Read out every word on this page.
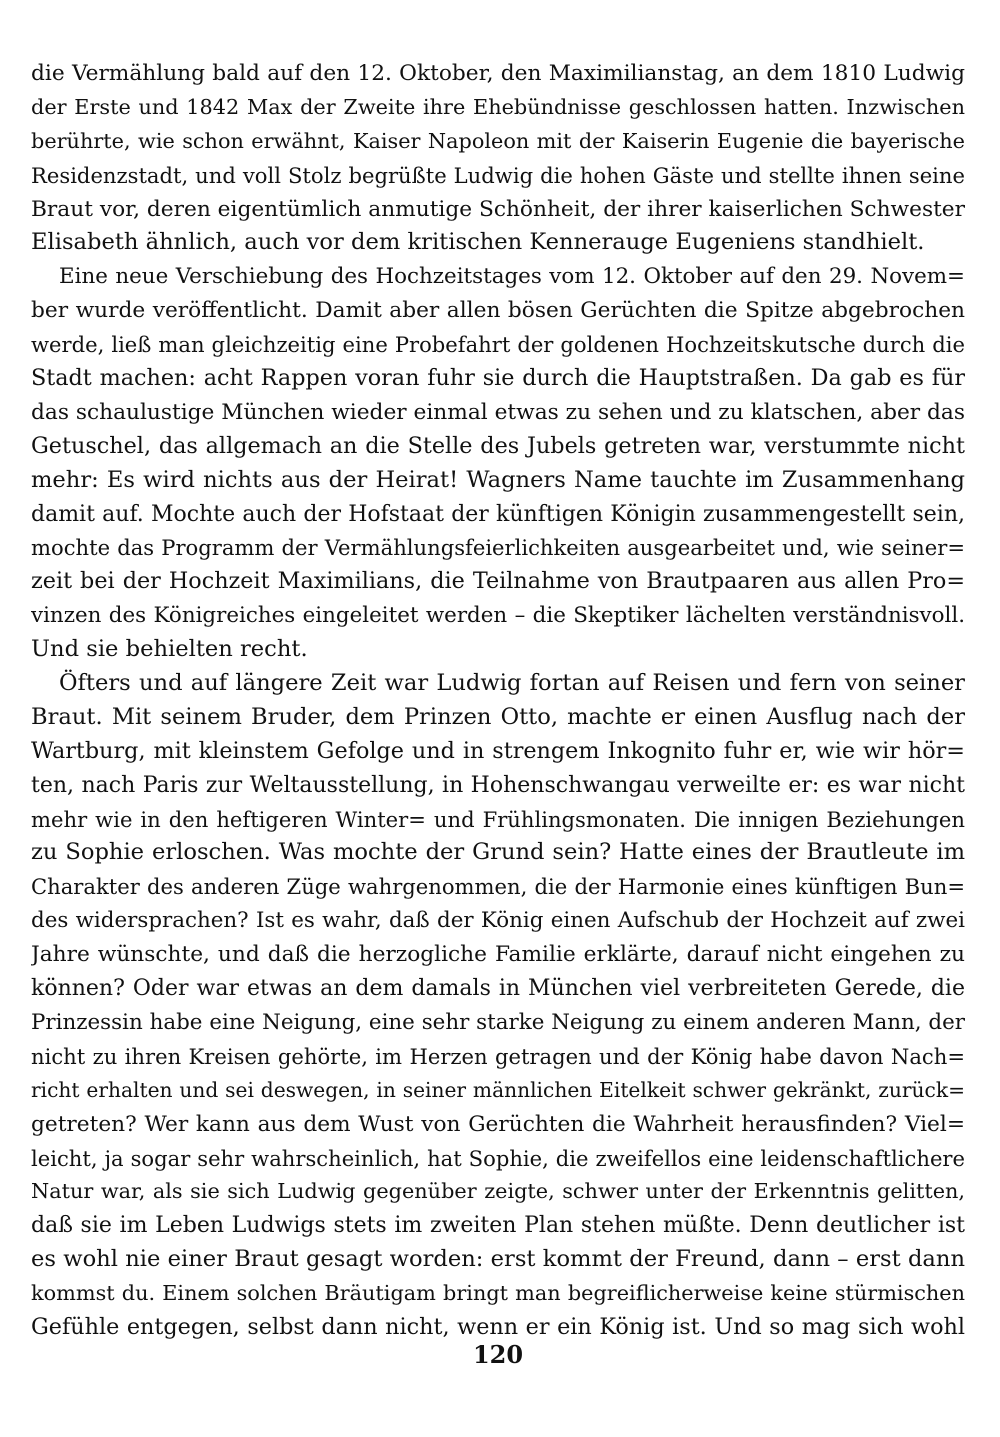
die Vermählung bald auf den 12. Oktober, den Maximilianstag, an dem 1810 Ludwig
der Erste und 1842 Max der Zweite ihre Ehebündnisse geschlossen hatten. Inzwischen
berührte, wie schon erwähnt, Kaiser Napoleon mit der Kaiserin Eugenie die bayerische
Residenzstadt, und voll Stolz begrüßte Ludwig die hohen Gäste und stellte ihnen seine
Braut vor, deren eigentümlich anmutige Schönheit, der ihrer kaiserlichen Schwester
Elisabeth ähnlich, auch vor dem kritischen Kennerauge Eugeniens standhielt.
Eine neue Verschiebung des Hochzeitstages vom 12. Oktober auf den 29. Novem=
ber wurde veröffentlicht. Damit aber allen bösen Gerüchten die Spitze abgebrochen
werde, ließ man gleichzeitig eine Probefahrt der goldenen Hochzeitskutsche durch die
Stadt machen: acht Rappen voran fuhr sie durch die Hauptstraßen. Da gab es für
das schaulustige München wieder einmal etwas zu sehen und zu klatschen, aber das
Getuschel, das allgemach an die Stelle des Jubels getreten war, verstummte nicht
mehr: Es wird nichts aus der Heirat! Wagners Name tauchte im Zusammenhang
damit auf. Mochte auch der Hofstaat der künftigen Königin zusammengestellt sein,
mochte das Programm der Vermählungsfeierlichkeiten ausgearbeitet und, wie seiner=
zeit bei der Hochzeit Maximilians, die Teilnahme von Brautpaaren aus allen Pro=
vinzen des Königreiches eingeleitet werden – die Skeptiker lächelten verständnisvoll.
Und sie behielten recht.
Öfters und auf längere Zeit war Ludwig fortan auf Reisen und fern von seiner
Braut. Mit seinem Bruder, dem Prinzen Otto, machte er einen Ausflug nach der
Wartburg, mit kleinstem Gefolge und in strengem Inkognito fuhr er, wie wir hör=
ten, nach Paris zur Weltausstellung, in Hohenschwangau verweilte er: es war nicht
mehr wie in den heftigeren Winter= und Frühlingsmonaten. Die innigen Beziehungen
zu Sophie erloschen. Was mochte der Grund sein? Hatte eines der Brautleute im
Charakter des anderen Züge wahrgenommen, die der Harmonie eines künftigen Bun=
des widersprachen? Ist es wahr, daß der König einen Aufschub der Hochzeit auf zwei
Jahre wünschte, und daß die herzogliche Familie erklärte, darauf nicht eingehen zu
können? Oder war etwas an dem damals in München viel verbreiteten Gerede, die
Prinzessin habe eine Neigung, eine sehr starke Neigung zu einem anderen Mann, der
nicht zu ihren Kreisen gehörte, im Herzen getragen und der König habe davon Nach=
richt erhalten und sei deswegen, in seiner männlichen Eitelkeit schwer gekränkt, zurück=
getreten? Wer kann aus dem Wust von Gerüchten die Wahrheit herausfinden? Viel=
leicht, ja sogar sehr wahrscheinlich, hat Sophie, die zweifellos eine leidenschaftlichere
Natur war, als sie sich Ludwig gegenüber zeigte, schwer unter der Erkenntnis gelitten,
daß sie im Leben Ludwigs stets im zweiten Plan stehen müßte. Denn deutlicher ist
es wohl nie einer Braut gesagt worden: erst kommt der Freund, dann – erst dann
kommst du. Einem solchen Bräutigam bringt man begreiflicherweise keine stürmischen
Gefühle entgegen, selbst dann nicht, wenn er ein König ist. Und so mag sich wohl
120
